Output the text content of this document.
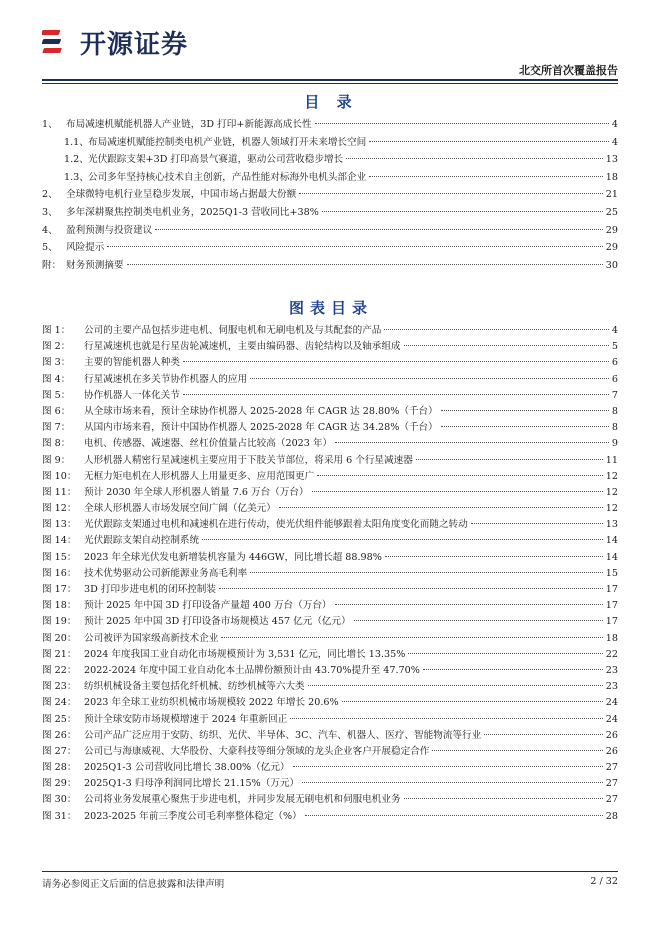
开源证券
北交所首次覆盖报告
目 录
1、 布局减速机赋能机器人产业链，3D 打印+新能源高成长性	4
1.1、 布局减速机赋能控制类电机产业链，机器人领域打开未来增长空间	4
1.2、 光伏跟踪支架+3D 打印高景气赛道，驱动公司营收稳步增长	13
1.3、 公司多年坚持核心技术自主创新，产品性能对标海外电机头部企业	18
2、 全球微特电机行业呈稳步发展，中国市场占据最大份额	21
3、 多年深耕聚焦控制类电机业务，2025Q1-3 营收同比+38%	25
4、 盈利预测与投资建议	29
5、 风险提示	29
附： 财务预测摘要	30
图表目录
图 1：	公司的主要产品包括步进电机、伺服电机和无刷电机及与其配套的产品	4
图 2：	行星减速机也就是行星齿轮减速机，主要由编码器、齿轮结构以及轴承组成	5
图 3：	主要的智能机器人种类	6
图 4：	行星减速机在多关节协作机器人的应用	6
图 5：	协作机器人一体化关节	7
图 6：	从全球市场来看，预计全球协作机器人 2025-2028 年 CAGR 达 28.80%（千台）	8
图 7：	从国内市场来看，预计中国协作机器人 2025-2028 年 CAGR 达 34.28%（千台）	8
图 8：	电机、传感器、减速器、丝杠价值量占比较高（2023 年）	9
图 9：	人形机器人精密行星减速机主要应用于下肢关节部位，将采用 6 个行星减速器	11
图 10： 无框力矩电机在人形机器人上用量更多、应用范围更广	12
图 11： 预计 2030 年全球人形机器人销量 7.6 万台（万台）	12
图 12： 全球人形机器人市场发展空间广阔（亿美元）	12
图 13： 光伏跟踪支架通过电机和减速机在进行传动，使光伏组件能够跟着太阳角度变化而随之转动	13
图 14： 光伏跟踪支架自动控制系统	14
图 15： 2023 年全球光伏发电新增装机容量为 446GW，同比增长超 88.98%	14
图 16： 技术优势驱动公司新能源业务高毛利率	15
图 17： 3D 打印步进电机的闭环控制装	17
图 18： 预计 2025 年中国 3D 打印设备产量超 400 万台（万台）	17
图 19： 预计 2025 年中国 3D 打印设备市场规模达 457 亿元（亿元）	17
图 20： 公司被评为国家级高新技术企业	18
图 21： 2024 年度我国工业自动化市场规模预计为 3,531 亿元，同比增长 13.35%	22
图 22： 2022-2024 年度中国工业自动化本土品牌份额预计由 43.70%提升至 47.70%	23
图 23： 纺织机械设备主要包括化纤机械、纺纱机械等六大类	23
图 24： 2023 年全球工业纺织机械市场规模较 2022 年增长 20.6%	24
图 25： 预计全球安防市场规模增速于 2024 年重新回正	24
图 26： 公司产品广泛应用于安防、纺织、光伏、半导体、3C、汽车、机器人、医疗、智能物流等行业	26
图 27： 公司已与海康威视、大华股份、大豪科技等细分领域的龙头企业客户开展稳定合作	26
图 28： 2025Q1-3 公司营收同比增长 38.00%（亿元）	27
图 29： 2025Q1-3 归母净利润同比增长 21.15%（万元）	27
图 30： 公司将业务发展重心聚焦于步进电机，并同步发展无刷电机和伺服电机业务	27
图 31： 2023-2025 年前三季度公司毛利率整体稳定（%）	28
请务必参阅正文后面的信息披露和法律声明	2 / 32
